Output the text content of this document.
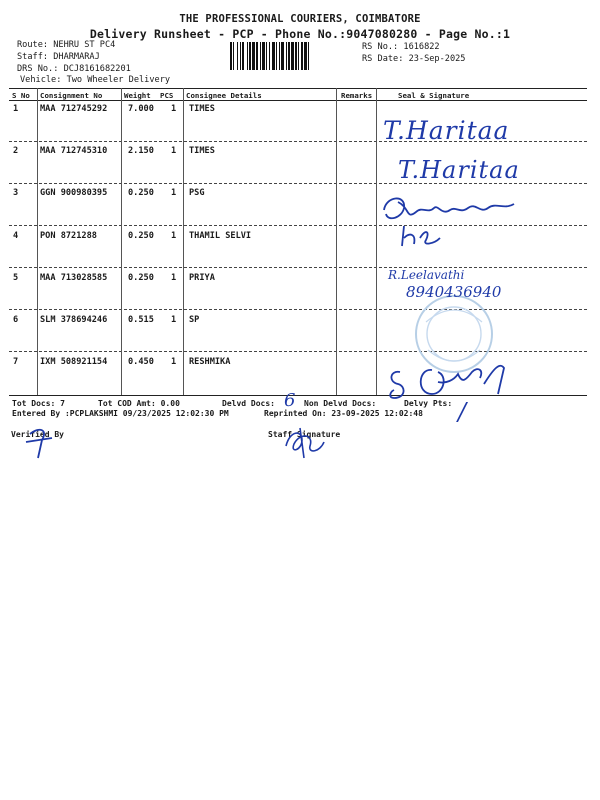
THE PROFESSIONAL COURIERS, COIMBATORE
Delivery Runsheet - PCP - Phone No.:9047080280 - Page No.:1
Route: NEHRU ST PC4
Staff: DHARMARAJ
DRS No.: DCJ8161682201
Vehicle: Two Wheeler Delivery
RS No.: 1616822
RS Date: 23-Sep-2025
S No Consignment No	Weight PCS Consignee Details	Remarks	Seal & Signature
1	MAA 712745292 7.000 1 TIMES
2	MAA 712745310 2.150 1 TIMES
3	GGN 900980395 0.250 1 PSG
4	PON 8721288	0.250 1 THAMIL SELVI
5	MAA 713028585 0.250 1 PRIYA
6	SLM 378694246 0.515 1 SP
7	IXM 508921154 0.450 1 RESHMIKA
Tot Docs: 7	Tot COD Amt: 0.00	Delvd Docs:	Non Delvd Docs:	Delvy Pts:
Entered By :PCPLAKSHMI 09/23/2025 12:02:30 PM	Reprinted On: 23-09-2025 12:02:48
Verified By	Staff Signature
T.Haritaa
T.Haritaa
R.Leelavathi
8940436940
6	/
